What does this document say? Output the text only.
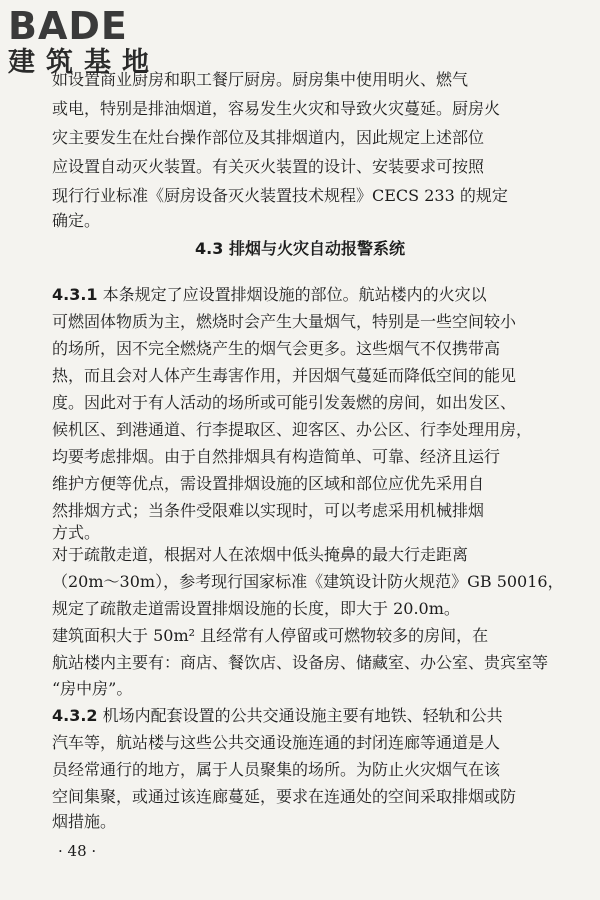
BADE
建筑基地
如设置商业厨房和职工餐厅厨房。厨房集中使用明火、燃气
或电，特别是排油烟道，容易发生火灾和导致火灾蔓延。厨房火
灾主要发生在灶台操作部位及其排烟道内，因此规定上述部位
应设置自动灭火装置。有关灭火装置的设计、安装要求可按照
现行行业标准《厨房设备灭火装置技术规程》CECS 233 的规定
确定。
4.3 排烟与火灾自动报警系统
4.3.1 本条规定了应设置排烟设施的部位。航站楼内的火灾以
可燃固体物质为主，燃烧时会产生大量烟气，特别是一些空间较小
的场所，因不完全燃烧产生的烟气会更多。这些烟气不仅携带高
热，而且会对人体产生毒害作用，并因烟气蔓延而降低空间的能见
度。因此对于有人活动的场所或可能引发轰燃的房间，如出发区、
候机区、到港通道、行李提取区、迎客区、办公区、行李处理用房，
均要考虑排烟。由于自然排烟具有构造简单、可靠、经济且运行
维护方便等优点，需设置排烟设施的区域和部位应优先采用自
然排烟方式；当条件受限难以实现时，可以考虑采用机械排烟
方式。
对于疏散走道，根据对人在浓烟中低头掩鼻的最大行走距离
（20m～30m），参考现行国家标准《建筑设计防火规范》GB 50016，
规定了疏散走道需设置排烟设施的长度，即大于 20.0m。
建筑面积大于 50m² 且经常有人停留或可燃物较多的房间，在
航站楼内主要有：商店、餐饮店、设备房、储藏室、办公室、贵宾室等
“房中房”。
4.3.2 机场内配套设置的公共交通设施主要有地铁、轻轨和公共
汽车等，航站楼与这些公共交通设施连通的封闭连廊等通道是人
员经常通行的地方，属于人员聚集的场所。为防止火灾烟气在该
空间集聚，或通过该连廊蔓延，要求在连通处的空间采取排烟或防
烟措施。
· 48 ·
